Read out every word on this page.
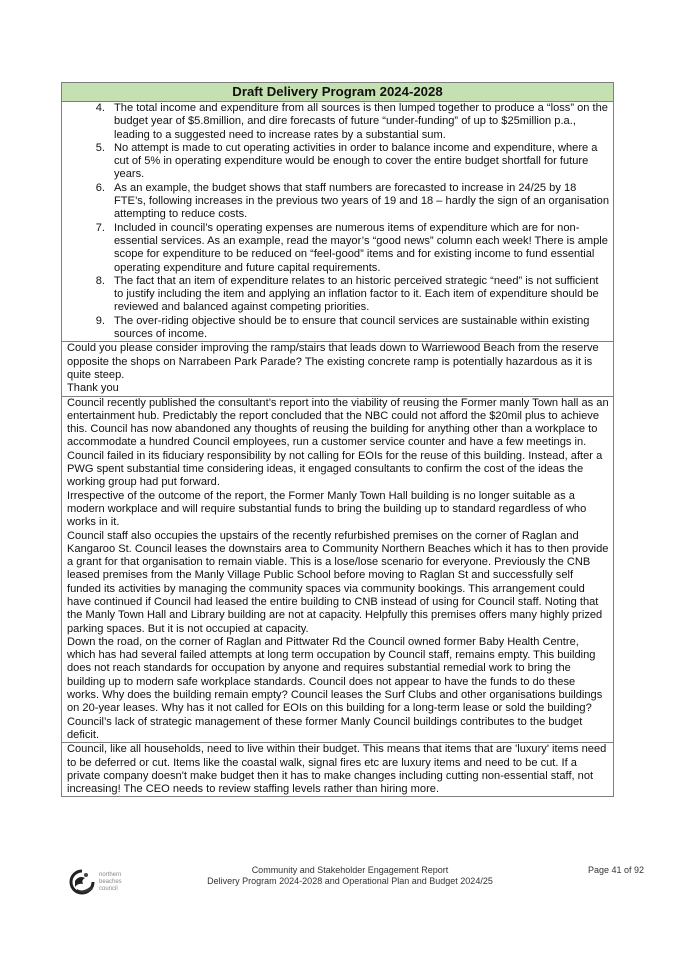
Draft Delivery Program 2024-2028
4. The total income and expenditure from all sources is then lumped together to produce a “loss” on the budget year of $5.8million, and dire forecasts of future “under-funding” of up to $25million p.a., leading to a suggested need to increase rates by a substantial sum.
5. No attempt is made to cut operating activities in order to balance income and expenditure, where a cut of 5% in operating expenditure would be enough to cover the entire budget shortfall for future years.
6. As an example, the budget shows that staff numbers are forecasted to increase in 24/25 by 18 FTE’s, following increases in the previous two years of 19 and 18 – hardly the sign of an organisation attempting to reduce costs.
7. Included in council’s operating expenses are numerous items of expenditure which are for non-essential services. As an example, read the mayor’s “good news” column each week! There is ample scope for expenditure to be reduced on “feel-good” items and for existing income to fund essential operating expenditure and future capital requirements.
8. The fact that an item of expenditure relates to an historic perceived strategic “need” is not sufficient to justify including the item and applying an inflation factor to it. Each item of expenditure should be reviewed and balanced against competing priorities.
9. The over-riding objective should be to ensure that council services are sustainable within existing sources of income.

Could you please consider improving the ramp/stairs that leads down to Warriewood Beach from the reserve opposite the shops on Narrabeen Park Parade? The existing concrete ramp is potentially hazardous as it is quite steep.

Thank you

Council recently published the consultant’s report into the viability of reusing the Former manly Town hall as an entertainment hub. Predictably the report concluded that the NBC could not afford the $20mil plus to achieve this. Council has now abandoned any thoughts of reusing the building for anything other than a workplace to accommodate a hundred Council employees, run a customer service counter and have a few meetings in.

Council failed in its fiduciary responsibility by not calling for EOIs for the reuse of this building. Instead, after a PWG spent substantial time considering ideas, it engaged consultants to confirm the cost of the ideas the working group had put forward.

Irrespective of the outcome of the report, the Former Manly Town Hall building is no longer suitable as a modern workplace and will require substantial funds to bring the building up to standard regardless of who works in it.

Council staff also occupies the upstairs of the recently refurbished premises on the corner of Raglan and Kangaroo St. Council leases the downstairs area to Community Northern Beaches which it has to then provide a grant for that organisation to remain viable. This is a lose/lose scenario for everyone. Previously the CNB leased premises from the Manly Village Public School before moving to Raglan St and successfully self funded its activities by managing the community spaces via community bookings. This arrangement could have continued if Council had leased the entire building to CNB instead of using for Council staff. Noting that the Manly Town Hall and Library building are not at capacity. Helpfully this premises offers many highly prized parking spaces. But it is not occupied at capacity.

Down the road, on the corner of Raglan and Pittwater Rd the Council owned former Baby Health Centre, which has had several failed attempts at long term occupation by Council staff, remains empty. This building does not reach standards for occupation by anyone and requires substantial remedial work to bring the building up to modern safe workplace standards. Council does not appear to have the funds to do these works. Why does the building remain empty? Council leases the Surf Clubs and other organisations buildings on 20-year leases. Why has it not called for EOIs on this building for a long-term lease or sold the building?

Council’s lack of strategic management of these former Manly Council buildings contributes to the budget deficit.

Council, like all households, need to live within their budget. This means that items that are 'luxury' items need to be deferred or cut. Items like the coastal walk, signal fires etc are luxury items and need to be cut. If a private company doesn't make budget then it has to make changes including cutting non-essential staff, not increasing! The CEO needs to review staffing levels rather than hiring more.

northern
beaches
council
Community and Stakeholder Engagement Report
Delivery Program 2024-2028 and Operational Plan and Budget 2024/25
Page 41 of 92
